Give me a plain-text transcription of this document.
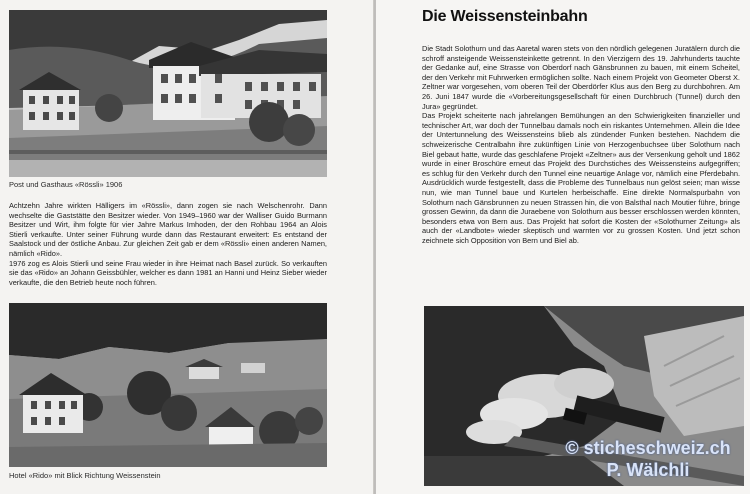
Post und Gasthaus «Rössli» 1906

Achtzehn Jahre wirkten Hälligers im «Rössli», dann zogen sie nach Welschenrohr. Dann wechselte die Gaststätte den Besitzer wieder. Von 1949–1960 war der Walliser Guido Burmann Besitzer und Wirt, ihm folgte für vier Jahre Markus Imhoden, der den Rohbau 1964 an Alois Stierli verkaufte. Unter seiner Führung wurde dann das Restaurant erweitert: Es entstand der Saalstock und der östliche Anbau. Zur gleichen Zeit gab er dem «Rössli» einen anderen Namen, nämlich «Rido».

1976 zog es Alois Stierli und seine Frau wieder in ihre Heimat nach Basel zurück. So verkauften sie das «Rido» an Johann Geissbühler, welcher es dann 1981 an Hanni und Heinz Sieber wieder verkaufte, die den Betrieb heute noch führen.

Hotel «Rido» mit Blick Richtung Weissenstein
Die Weissensteinbahn

Die Stadt Solothurn und das Aaretal waren stets von den nördlich gelegenen Juratälern durch die schroff ansteigende Weissensteinkette getrennt. In den Vierzigern des 19. Jahrhunderts tauchte der Gedanke auf, eine Strasse von Oberdorf nach Gänsbrunnen zu bauen, mit einem Scheitel, der den Verkehr mit Fuhrwerken ermöglichen sollte. Nach einem Projekt von Geometer Oberst X. Zeltner war vorgesehen, vom oberen Teil der Oberdörfer Klus aus den Berg zu durchbohren. Am 26. Juni 1847 wurde die «Vorbereitungsgesellschaft für einen Durchbruch (Tunnel) durch den Jura» gegründet.

Das Projekt scheiterte nach jahrelangen Bemühungen an den Schwierigkeiten finanzieller und technischer Art, war doch der Tunnelbau damals noch ein riskantes Unternehmen. Allein die Idee der Untertunnelung des Weissensteins blieb als zündender Funken bestehen. Nachdem die schweizerische Centralbahn ihre zukünftigen Linie von Herzogenbuchsee über Solothurn nach Biel gebaut hatte, wurde das geschlafene Projekt «Zeltner» aus der Versenkung geholt und 1862 wurde in einer Broschüre erneut das Projekt des Durchstiches des Weissensteins aufgegriffen; es schlug für den Verkehr durch den Tunnel eine neuartige Anlage vor, nämlich eine Pferdebahn. Ausdrücklich wurde festgestellt, dass die Probleme des Tunnelbaus nun gelöst seien; man wisse nun, wie man Tunnel baue und Kurtelen herbeischaffe. Eine direkte Normalspurbahn von Solothurn nach Gänsbrunnen zu neuen Strassen hin, die von Balsthal nach Moutier führe, bringe grossen Gewinn, da dann die Juraebene von Solothurn aus besser erschlossen werden könnten, besonders etwa von Bern aus. Das Projekt hat sofort die Kosten der «Solothurner Zeitung» als auch der «Landbote» wieder skeptisch und warnten vor zu grossen Kosten. Und jetzt schon zeichnete sich Opposition von Bern und Biel ab.

© sticheschweiz.ch
P. Wälchli
